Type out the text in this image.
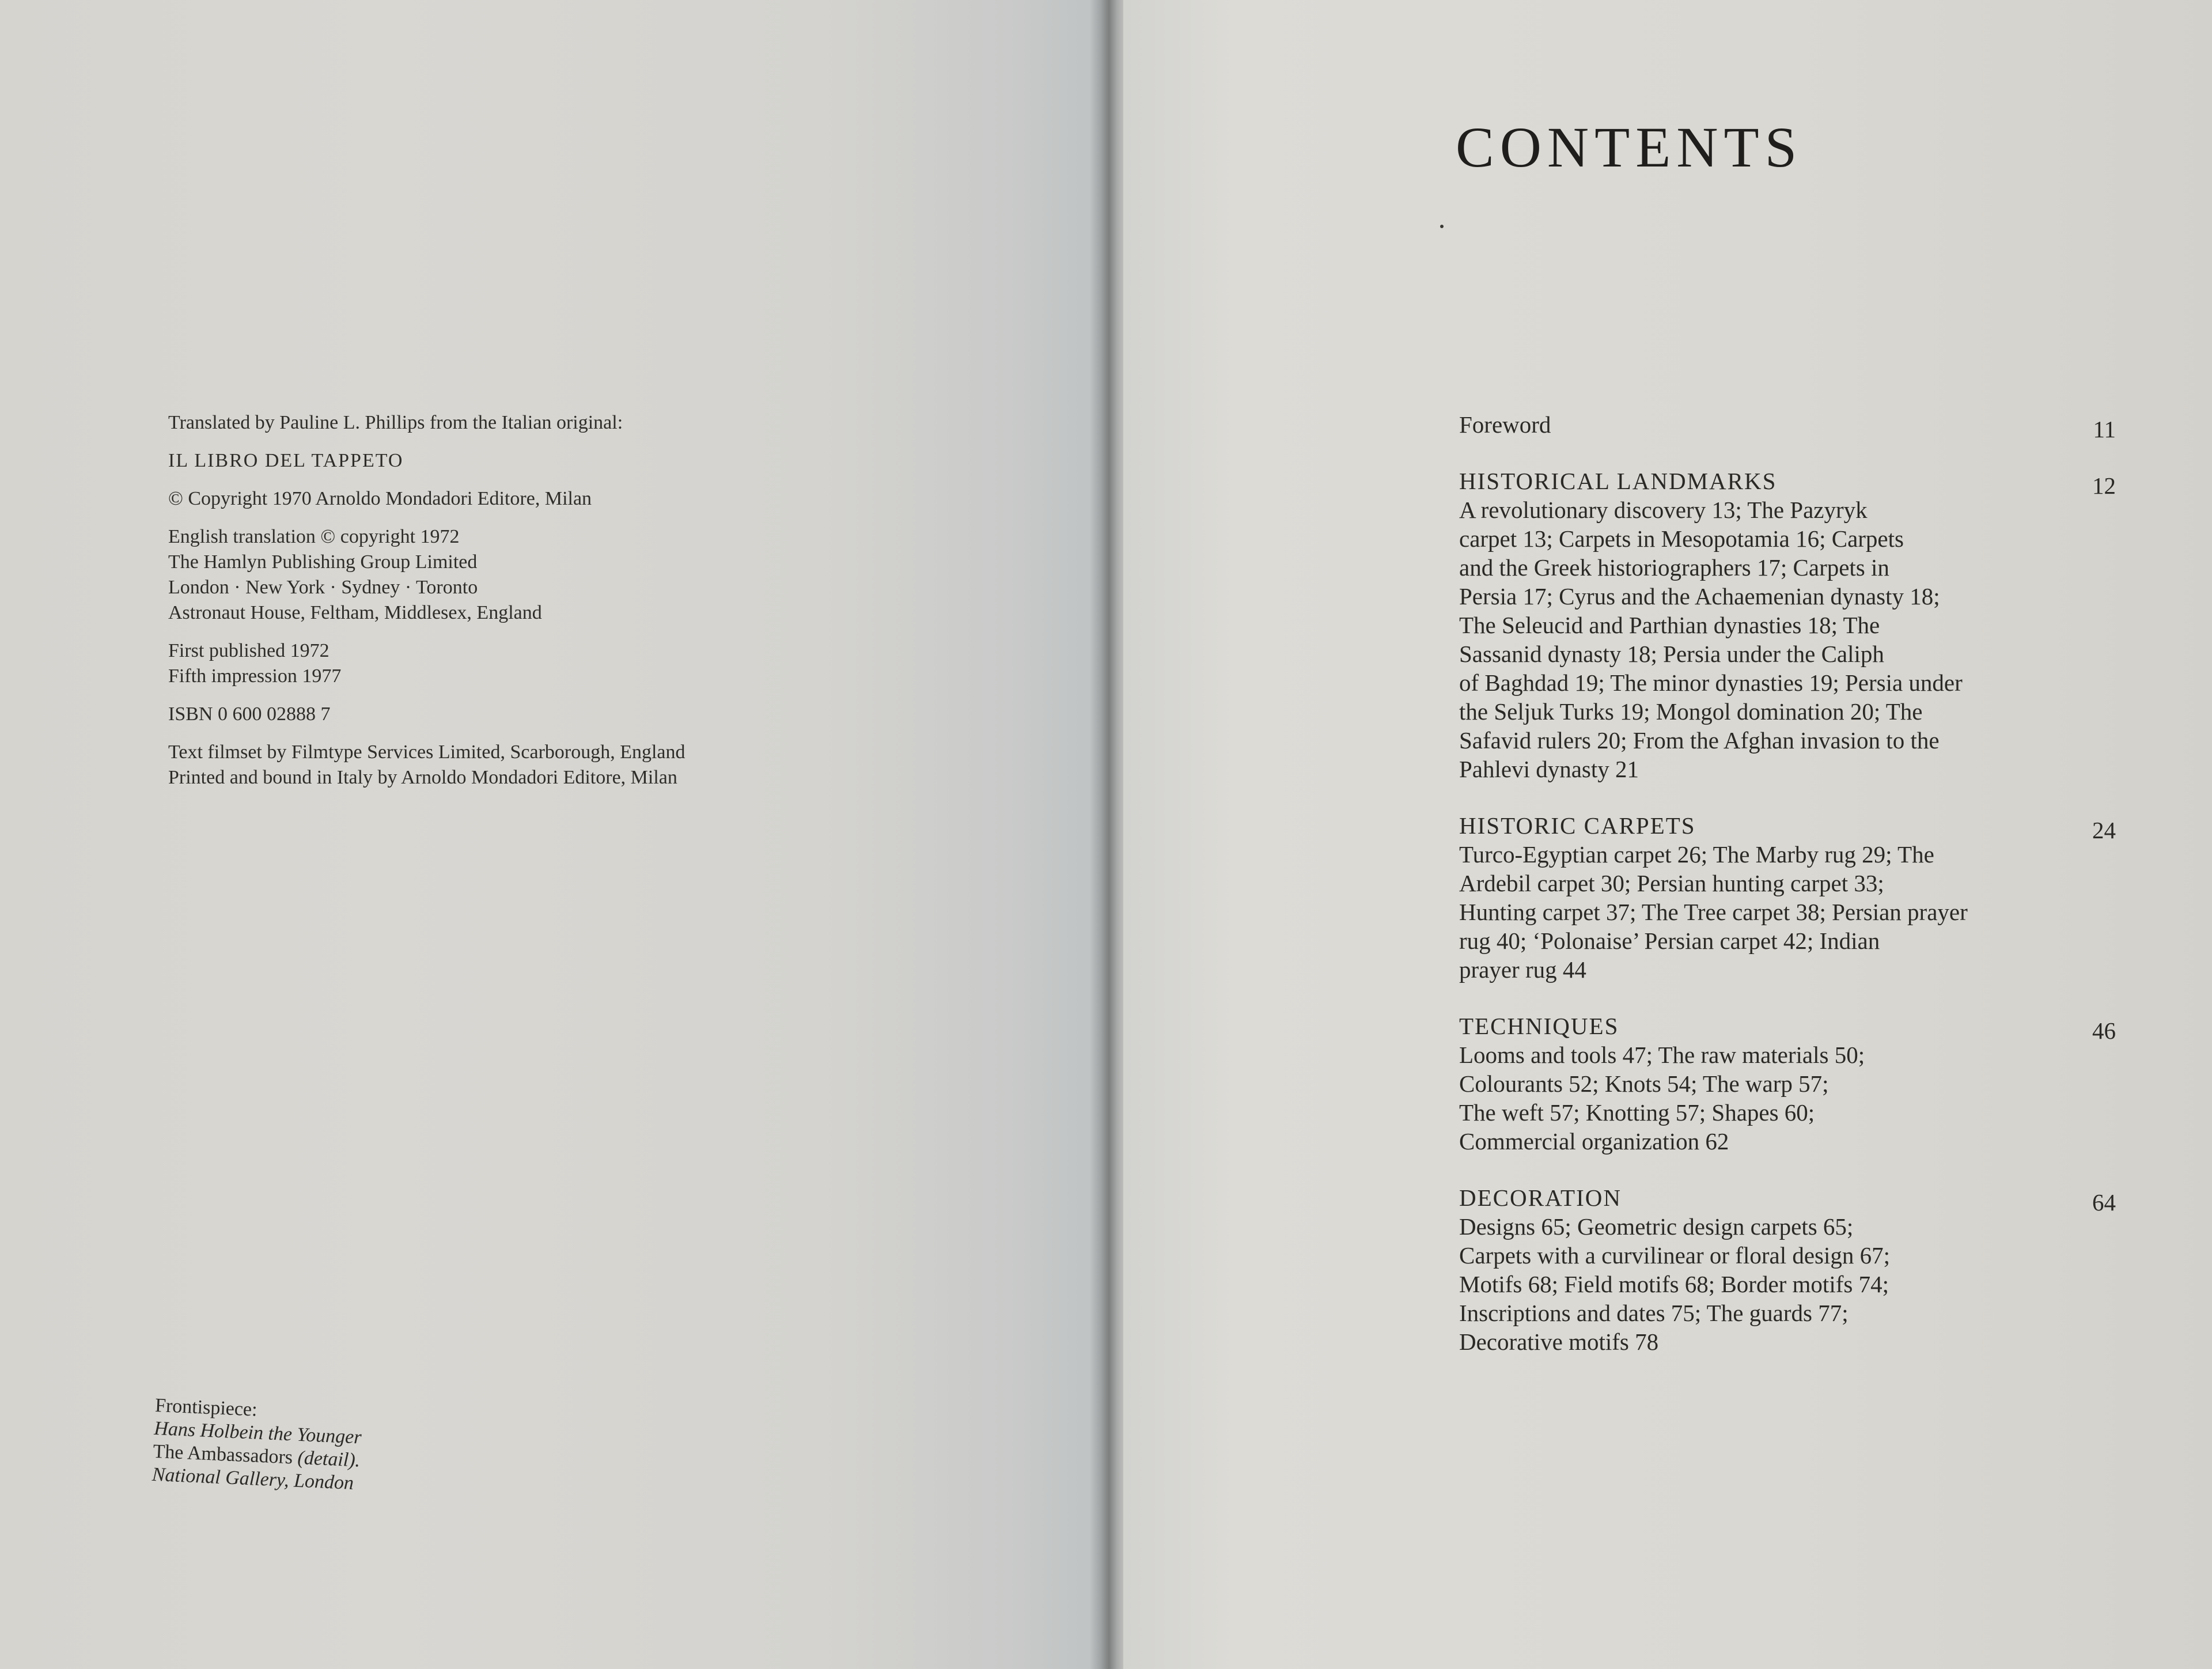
Translated by Pauline L. Phillips from the Italian original:
IL LIBRO DEL TAPPETO
© Copyright 1970 Arnoldo Mondadori Editore, Milan
English translation © copyright 1972
The Hamlyn Publishing Group Limited
London · New York · Sydney · Toronto
Astronaut House, Feltham, Middlesex, England
First published 1972
Fifth impression 1977
ISBN 0 600 02888 7
Text filmset by Filmtype Services Limited, Scarborough, England
Printed and bound in Italy by Arnoldo Mondadori Editore, Milan
Frontispiece:
Hans Holbein the Younger
The Ambassadors (detail).
National Gallery, London
CONTENTS
Foreword	11
HISTORICAL LANDMARKS	12
A revolutionary discovery 13; The Pazyryk
carpet 13; Carpets in Mesopotamia 16; Carpets
and the Greek historiographers 17; Carpets in
Persia 17; Cyrus and the Achaemenian dynasty 18;
The Seleucid and Parthian dynasties 18; The
Sassanid dynasty 18; Persia under the Caliph
of Baghdad 19; The minor dynasties 19; Persia under
the Seljuk Turks 19; Mongol domination 20; The
Safavid rulers 20; From the Afghan invasion to the
Pahlevi dynasty 21
HISTORIC CARPETS	24
Turco-Egyptian carpet 26; The Marby rug 29; The
Ardebil carpet 30; Persian hunting carpet 33;
Hunting carpet 37; The Tree carpet 38; Persian prayer
rug 40; ‘Polonaise’ Persian carpet 42; Indian
prayer rug 44
TECHNIQUES	46
Looms and tools 47; The raw materials 50;
Colourants 52; Knots 54; The warp 57;
The weft 57; Knotting 57; Shapes 60;
Commercial organization 62
DECORATION	64
Designs 65; Geometric design carpets 65;
Carpets with a curvilinear or floral design 67;
Motifs 68; Field motifs 68; Border motifs 74;
Inscriptions and dates 75; The guards 77;
Decorative motifs 78
